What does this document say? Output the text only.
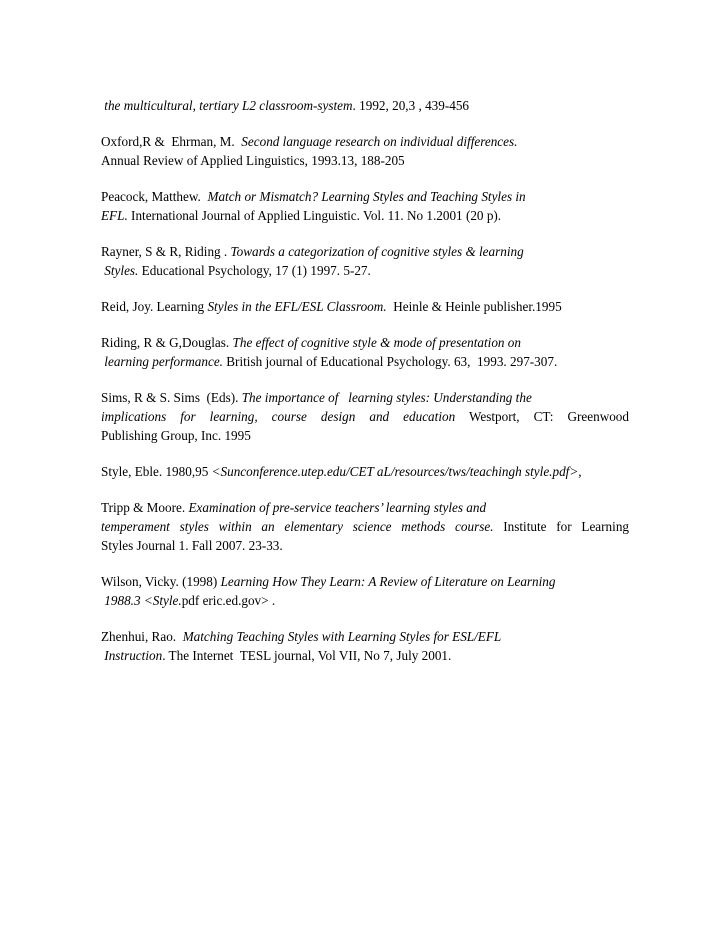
the multicultural, tertiary L2 classroom-system. 1992, 20,3 , 439-456
Oxford,R &  Ehrman, M.  Second language research on individual differences.
Annual Review of Applied Linguistics, 1993.13, 188-205
Peacock, Matthew.  Match or Mismatch? Learning Styles and Teaching Styles in
EFL. International Journal of Applied Linguistic. Vol. 11. No 1.2001 (20 p).
Rayner, S & R, Riding . Towards a categorization of cognitive styles & learning
Styles. Educational Psychology, 17 (1) 1997. 5-27.
Reid, Joy. Learning Styles in the EFL/ESL Classroom.  Heinle & Heinle publisher.1995
Riding, R & G,Douglas. The effect of cognitive style & mode of presentation on
learning performance. British journal of Educational Psychology. 63,  1993. 297-307.
Sims, R & S. Sims  (Eds). The importance of   learning styles: Understanding the
implications for learning, course design and education Westport, CT: Greenwood
Publishing Group, Inc. 1995
Style, Eble. 1980,95 <Sunconference.utep.edu/CET aL/resources/tws/teachingh style.pdf>,
Tripp & Moore. Examination of pre-service teachers’ learning styles and
temperament styles within an elementary science methods course. Institute for Learning
Styles Journal 1. Fall 2007. 23-33.
Wilson, Vicky. (1998) Learning How They Learn: A Review of Literature on Learning
1988.3 <Style.pdf eric.ed.gov> .
Zhenhui, Rao.  Matching Teaching Styles with Learning Styles for ESL/EFL
Instruction. The Internet  TESL journal, Vol VII, No 7, July 2001.
